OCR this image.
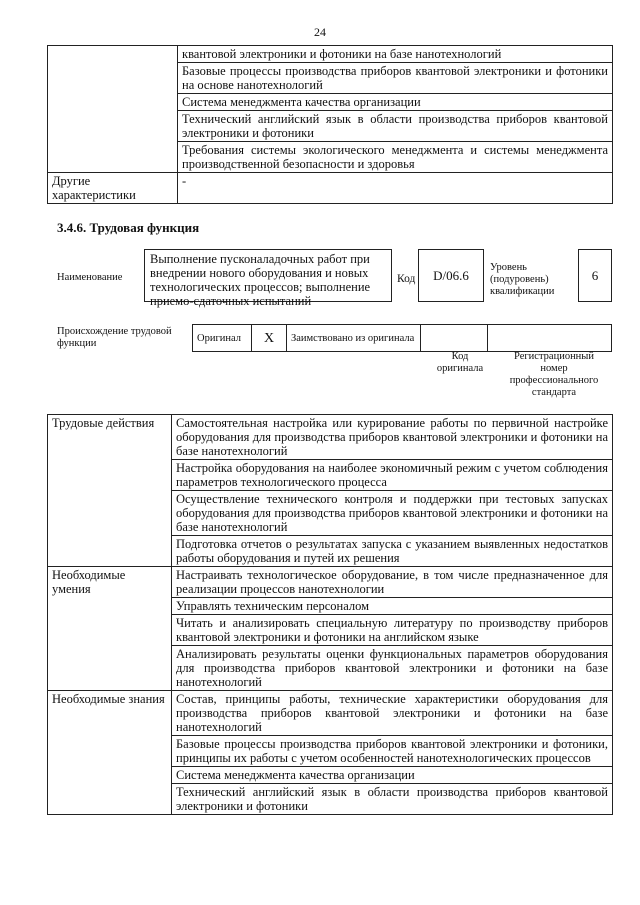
24
	квантовой электроники и фотоники на базе нанотехнологий
	Базовые процессы производства приборов квантовой электроники и фотоники на основе нанотехнологий
	Система менеджмента качества организации
	Технический английский язык в области производства приборов квантовой электроники и фотоники
	Требования системы экологического менеджмента и системы менеджмента производственной безопасности и здоровья
Другие характеристики	-
3.4.6. Трудовая функция
Наименование
Выполнение пусконаладочных работ при внедрении нового оборудования и новых технологических процессов; выполнение приемо-сдаточных испытаний
Код	D/06.6	Уровень (подуровень) квалификации
6
Происхождение трудовой функции	Оригинал	X	Заимствовано из оригинала		
Код оригинала
Регистрационный номер профессионального стандарта
Трудовые действия	Самостоятельная настройка или курирование работы по первичной настройке оборудования для производства приборов квантовой электроники и фотоники на базе нанотехнологий
	Настройка оборудования на наиболее экономичный режим с учетом соблюдения параметров технологического процесса
	Осуществление технического контроля и поддержки при тестовых запусках оборудования для производства приборов квантовой электроники и фотоники на базе нанотехнологий
	Подготовка отчетов о результатах запуска с указанием выявленных недостатков работы оборудования и путей их решения
Необходимые умения	Настраивать технологическое оборудование, в том числе предназначенное для реализации процессов нанотехнологии
	Управлять техническим персоналом
	Читать и анализировать специальную литературу по производству приборов квантовой электроники и фотоники на английском языке
	Анализировать результаты оценки функциональных параметров оборудования для производства приборов квантовой электроники и фотоники на базе нанотехнологий
Необходимые знания	Состав, принципы работы, технические характеристики оборудования для производства приборов квантовой электроники и фотоники на базе нанотехнологий
	Базовые процессы производства приборов квантовой электроники и фотоники, принципы их работы с учетом особенностей нанотехнологических процессов
	Система менеджмента качества организации
	Технический английский язык в области производства приборов квантовой электроники и фотоники
